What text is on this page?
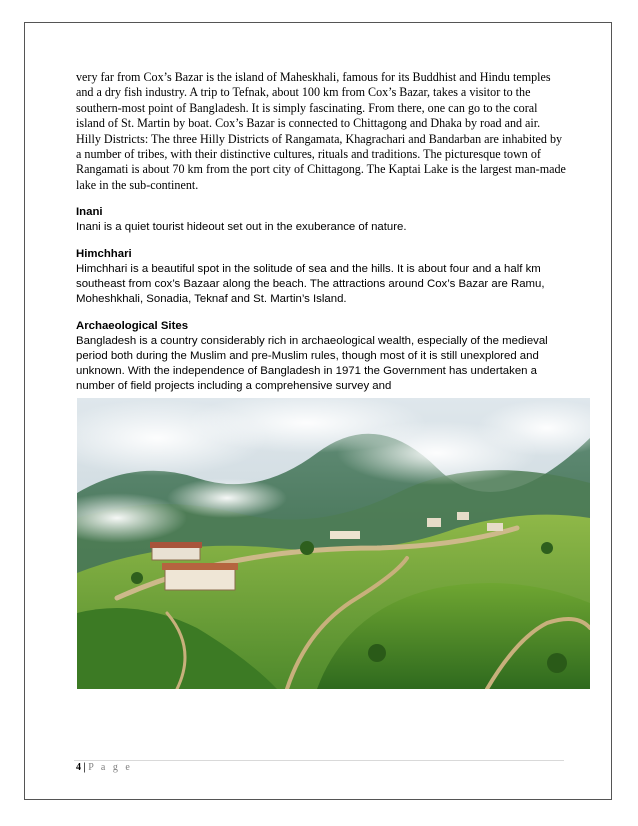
very far from Cox’s Bazar is the island of Maheskhali, famous for its Buddhist and Hindu temples and a dry fish industry. A trip to Tefnak, about 100 km from Cox’s Bazar, takes a visitor to the southern-most point of Bangladesh. It is simply fascinating. From there, one can go to the coral island of St. Martin by boat. Cox’s Bazar is connected to Chittagong and Dhaka by road and air. Hilly Districts: The three Hilly Districts of Rangamata, Khagrachari and Bandarban are inhabited by a number of tribes, with their distinctive cultures, rituals and traditions. The picturesque town of Rangamati is about 70 km from the port city of Chittagong. The Kaptai Lake is the largest man-made lake in the sub-continent.

Inani

Inani is a quiet tourist hideout set out in the exuberance of nature.

Himchhari

Himchhari is a beautiful spot in the solitude of sea and the hills. It is about four and a half km southeast from cox’s Bazaar along the beach. The attractions around Cox’s Bazar are Ramu, Moheshkhali, Sonadia, Teknaf and St. Martin’s Island.

Archaeological Sites

Bangladesh is a country considerably rich in archaeological wealth, especially of the medieval period both during the Muslim and pre-Muslim rules, though most of it is still unexplored and unknown. With the independence of Bangladesh in 1971 the Government has undertaken a number of field projects including a comprehensive survey and

4 | P a g e
